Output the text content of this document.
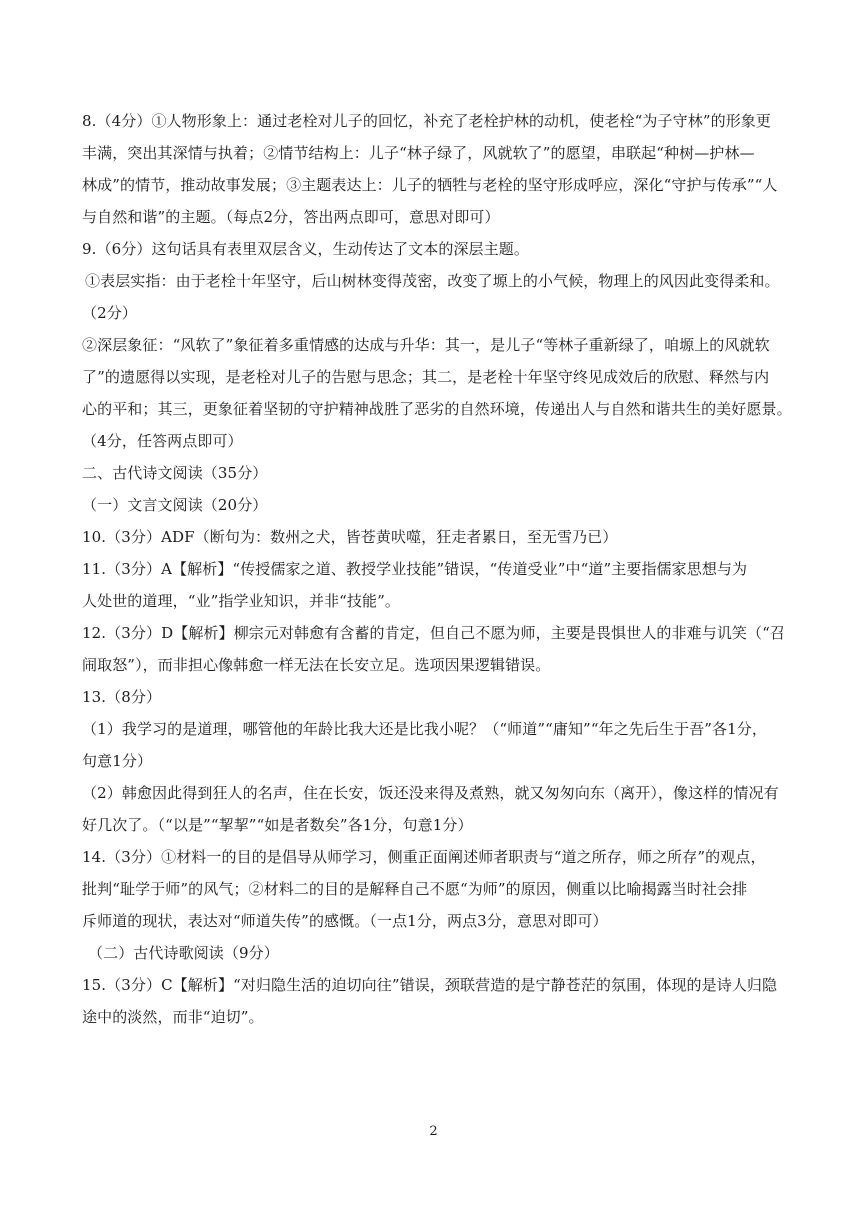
8.（4分）①人物形象上：通过老栓对儿子的回忆，补充了老栓护林的动机，使老栓“为子守林”的形象更
丰满，突出其深情与执着；②情节结构上：儿子“林子绿了，风就软了”的愿望，串联起“种树—护林—
林成”的情节，推动故事发展；③主题表达上：儿子的牺牲与老栓的坚守形成呼应，深化“守护与传承”“人
与自然和谐”的主题。（每点2分，答出两点即可，意思对即可）
9.（6分）这句话具有表里双层含义，生动传达了文本的深层主题。
①表层实指：由于老栓十年坚守，后山树林变得茂密，改变了塬上的小气候，物理上的风因此变得柔和。
（2分）
②深层象征：“风软了”象征着多重情感的达成与升华：其一，是儿子“等林子重新绿了，咱塬上的风就软
了”的遗愿得以实现，是老栓对儿子的告慰与思念；其二，是老栓十年坚守终见成效后的欣慰、释然与内
心的平和；其三，更象征着坚韧的守护精神战胜了恶劣的自然环境，传递出人与自然和谐共生的美好愿景。
（4分，任答两点即可）
二、古代诗文阅读（35分）
（一）文言文阅读（20分）
10.（3分）ADF（断句为：数州之犬，皆苍黄吠噬，狂走者累日，至无雪乃已）
11.（3分）A【解析】“传授儒家之道、教授学业技能”错误，“传道受业”中“道”主要指儒家思想与为
人处世的道理，“业”指学业知识，并非“技能”。
12.（3分）D【解析】柳宗元对韩愈有含蓄的肯定，但自己不愿为师，主要是畏惧世人的非难与讥笑（“召
闹取怒”），而非担心像韩愈一样无法在长安立足。选项因果逻辑错误。
13.（8分）
（1）我学习的是道理，哪管他的年龄比我大还是比我小呢？（“师道”“庸知”“年之先后生于吾”各1分，
句意1分）
（2）韩愈因此得到狂人的名声，住在长安，饭还没来得及煮熟，就又匆匆向东（离开），像这样的情况有
好几次了。（“以是”“挈挈”“如是者数矣”各1分，句意1分）
14.（3分）①材料一的目的是倡导从师学习，侧重正面阐述师者职责与“道之所存，师之所存”的观点，
批判“耻学于师”的风气；②材料二的目的是解释自己不愿“为师”的原因，侧重以比喻揭露当时社会排
斥师道的现状，表达对“师道失传”的感慨。（一点1分，两点3分，意思对即可）
（二）古代诗歌阅读（9分）
15.（3分）C【解析】“对归隐生活的迫切向往”错误，颈联营造的是宁静苍茫的氛围，体现的是诗人归隐
途中的淡然，而非“迫切”。
2
